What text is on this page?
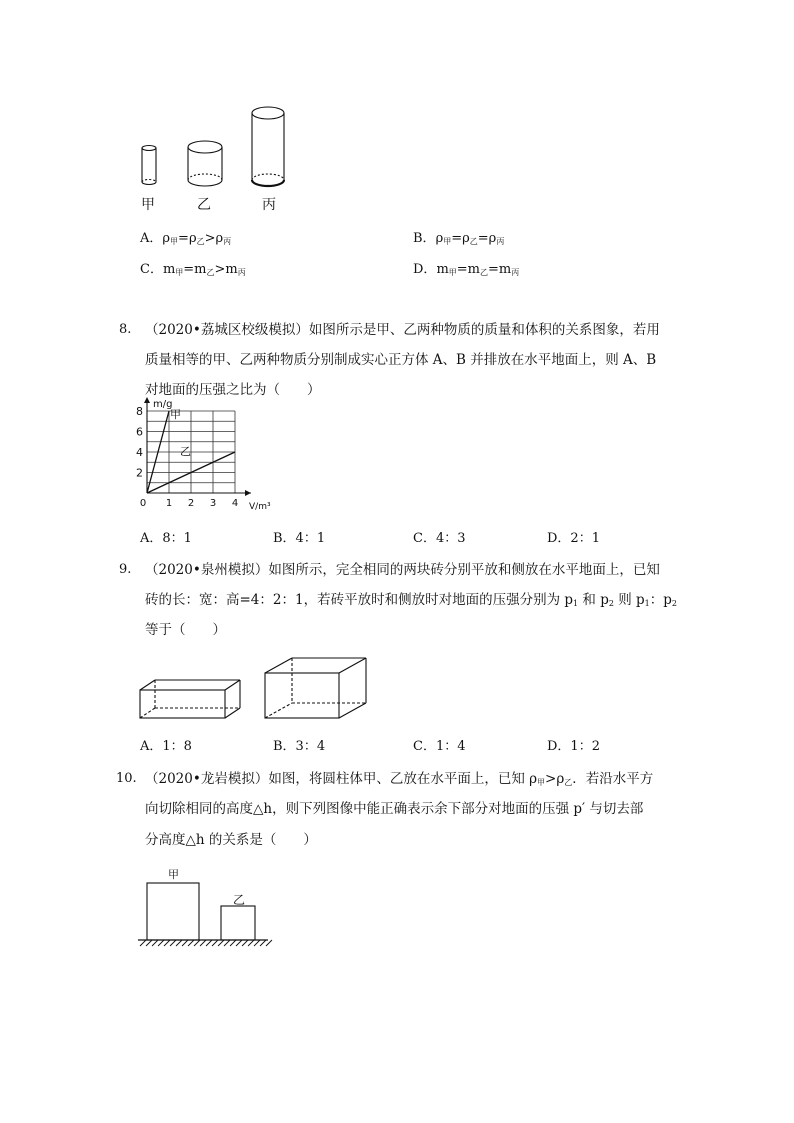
甲	乙	丙
A．$\rho_甲=\rho_乙>\rho_丙$	B．$\rho_甲=\rho_乙=\rho_丙$
C．$m_甲=m_乙>m_丙$	D．$m_甲=m_乙=m_丙$
8. （2020•荔城区校级模拟）如图所示是甲、乙两种物质的质量和体积的关系图象，若用
质量相等的甲、乙两种物质分别制成实心正方体 A、B 并排放在水平地面上，则 A、B
对地面的压强之比为（　　）
甲
乙
0 1 2 3 4
2
4
6
8
V/m³
m/g
A．8：1	B．4：1	C．4：3	D．2：1
9. （2020•泉州模拟）如图所示，完全相同的两块砖分别平放和侧放在水平地面上，已知
砖的长：宽：高=4：2：1，若砖平放时和侧放时对地面的压强分别为 $p_1$ 和 $p_2$ 则 $p_1$：$p_2$
等于（　　）
A．1：8	B．3：4	C．1：4	D．1：2
10. （2020•龙岩模拟）如图，将圆柱体甲、乙放在水平面上，已知 $\rho_甲>\rho_乙$．若沿水平方
向切除相同的高度△h，则下列图像中能正确表示余下部分对地面的压强 p′ 与切去部
分高度△h 的关系是（　　）
甲
乙
